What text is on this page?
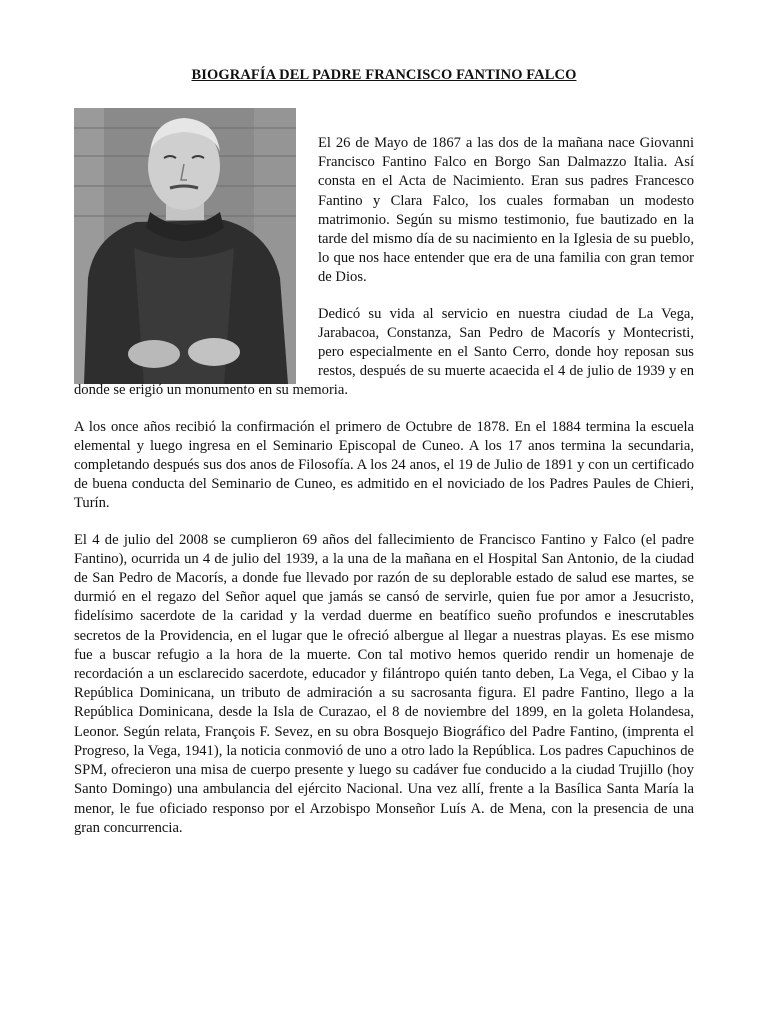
BIOGRAFÍA DEL PADRE FRANCISCO FANTINO FALCO

El 26 de Mayo de 1867 a las dos de la mañana nace Giovanni Francisco Fantino Falco en Borgo San Dalmazzo Italia. Así consta en el Acta de Nacimiento. Eran sus padres Francesco Fantino y Clara Falco, los cuales formaban un modesto matrimonio. Según su mismo testimonio, fue bautizado en la tarde del mismo día de su nacimiento en la Iglesia de su pueblo, lo que nos hace entender que era de una familia con gran temor de Dios.

Dedicó su vida al servicio en nuestra ciudad de La Vega, Jarabacoa, Constanza, San Pedro de Macorís y Montecristi, pero especialmente en el Santo Cerro, donde hoy reposan sus restos, después de su muerte acaecida el 4 de julio de 1939 y en donde se erigió un monumento en su memoria.

A los once años recibió la confirmación el primero de Octubre de 1878. En el 1884 termina la escuela elemental y luego ingresa en el Seminario Episcopal de Cuneo. A los 17 anos termina la secundaria, completando después sus dos anos de Filosofía. A los 24 anos, el 19 de Julio de 1891 y con un certificado de buena conducta del Seminario de Cuneo, es admitido en el noviciado de los Padres Paules de Chieri, Turín.

El 4 de julio del 2008 se cumplieron 69 años del fallecimiento de Francisco Fantino y Falco (el padre Fantino), ocurrida un 4 de julio del 1939, a la una de la mañana en el Hospital San Antonio, de la ciudad de San Pedro de Macorís, a donde fue llevado por razón de su deplorable estado de salud ese martes, se durmió en el regazo del Señor aquel que jamás se cansó de servirle, quien fue por amor a Jesucristo, fidelísimo sacerdote de la caridad y la verdad duerme en beatífico sueño profundos e inescrutables secretos de la Providencia, en el lugar que le ofreció albergue al llegar a nuestras playas. Es ese mismo fue a buscar refugio a la hora de la muerte. Con tal motivo hemos querido rendir un homenaje de recordación a un esclarecido sacerdote, educador y filántropo quién tanto deben, La Vega, el Cibao y la República Dominicana, un tributo de admiración a su sacrosanta figura. El padre Fantino, llego a la República Dominicana, desde la Isla de Curazao, el 8 de noviembre del 1899, en la goleta Holandesa, Leonor. Según relata, François F. Sevez, en su obra Bosquejo Biográfico del Padre Fantino, (imprenta el Progreso, la Vega, 1941), la noticia conmovió de uno a otro lado la República. Los padres Capuchinos de SPM, ofrecieron una misa de cuerpo presente y luego su cadáver fue conducido a la ciudad Trujillo (hoy Santo Domingo) una ambulancia del ejército Nacional. Una vez allí, frente a la Basílica Santa María la menor, le fue oficiado responso por el Arzobispo Monseñor Luís A. de Mena, con la presencia de una gran concurrencia.
